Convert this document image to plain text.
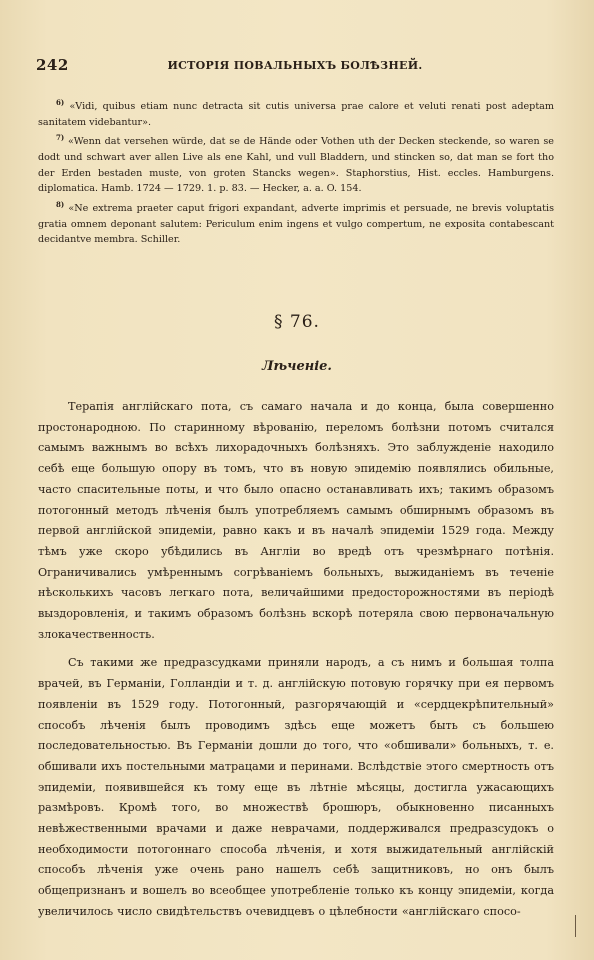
242	ИСТОРІЯ ПОВАЛЬНЫХЪ БОЛѢЗНЕЙ.

$^{6)}$ «Vidi, quibus etiam nunc detracta sit cutis universa prae calore et veluti renati post adeptam sanitatem videbantur».

$^{7)}$ «Wenn dat versehen würde, dat se de Hände oder Vothen uth der Decken steckende, so waren se dodt und schwart aver allen Live als ene Kahl, und vull Bladdern, und stincken so, dat man se fort tho der Erden bestaden muste, von groten Stancks wegen». Staphorstius, Hist. eccles. Hamburgens. diplomatica. Hamb. 1724 — 1729. 1. p. 83. — Hecker, a. a. O. 154.

$^{8)}$ «Ne extrema praeter caput frigori expandant, adverte imprimis et persuade, ne brevis voluptatis gratia omnem deponant salutem: Periculum enim ingens et vulgo compertum, ne exposita contabescant decidantve membra. Schiller.

§ 76.
Лѣченіе.

Терапія англійскаго пота, съ самаго начала и до конца, была совершенно простонародною. По старинному вѣрованію, переломъ болѣзни потомъ считался самымъ важнымъ во всѣхъ лихорадочныхъ болѣзняхъ. Это заблужденіе находило себѣ еще большую опору въ томъ, что въ новую эпидемію появлялись обильные, часто спасительные поты, и что было опасно останавливать ихъ; такимъ образомъ потогонный методъ лѣченія былъ употребляемъ самымъ обширнымъ образомъ въ первой англійской эпидеміи, равно какъ и въ началѣ эпидеміи 1529 года. Между тѣмъ уже скоро убѣдились въ Англіи во вредѣ отъ чрезмѣрнаго потѣнія. Ограничивались умѣреннымъ согрѣваніемъ больныхъ, выжиданіемъ въ теченіе нѣсколькихъ часовъ легкаго пота, величайшими предосторожностями въ періодѣ выздоровленія, и такимъ образомъ болѣзнь вскорѣ потеряла свою первоначальную злокачественность.

Съ такими же предразсудками приняли народъ, а съ нимъ и большая толпа врачей, въ Германіи, Голландіи и т. д. англійскую потовую горячку при ея первомъ появленіи въ 1529 году. Потогонный, разгорячающій и «сердцекрѣпительный» способъ лѣченія былъ проводимъ здѣсь еще можетъ быть съ большею последовательностью. Въ Германіи дошли до того, что «обшивали» больныхъ, т. е. обшивали ихъ постельными матрацами и перинами. Вслѣдствіе этого смертность отъ эпидеміи, появившейся къ тому еще въ лѣтніе мѣсяцы, достигла ужасающихъ размѣровъ. Кромѣ того, во множествѣ брошюръ, обыкновенно писанныхъ невѣжественными врачами и даже неврачами, поддерживался предразсудокъ о необходимости потогоннаго способа лѣченія, и хотя выжидательный англійскій способъ лѣченія уже очень рано нашелъ себѣ защитниковъ, но онъ былъ общепризнанъ и вошелъ во всеобщее употребленіе только къ концу эпидеміи, когда увеличилось число свидѣтельствъ очевидцевъ о цѣлебности «англійскаго спосо-
